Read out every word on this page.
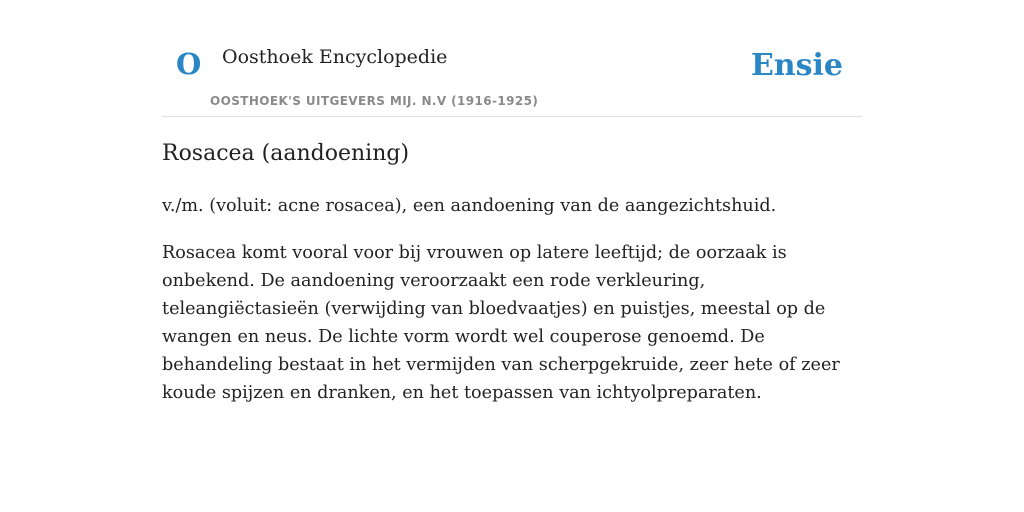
O Oosthoek Encyclopedie
OOSTHOEK'S UITGEVERS MIJ. N.V (1916-1925)
Ensie
Rosacea (aandoening)

v./m. (voluit: acne rosacea), een aandoening van de aangezichtshuid.

Rosacea komt vooral voor bij vrouwen op latere leeftijd; de oorzaak is onbekend. De aandoening veroorzaakt een rode verkleuring, teleangiëctasieën (verwijding van bloedvaatjes) en puistjes, meestal op de wangen en neus. De lichte vorm wordt wel couperose genoemd. De behandeling bestaat in het vermijden van scherpgekruide, zeer hete of zeer koude spijzen en dranken, en het toepassen van ichtyolpreparaten.
